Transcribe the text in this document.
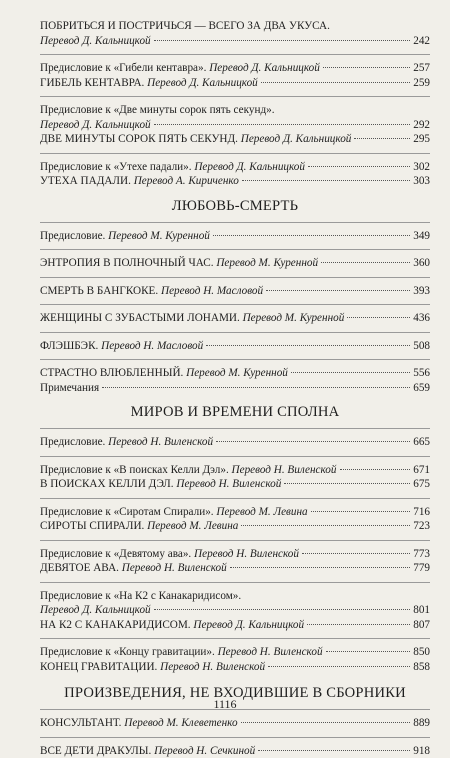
ПОБРИТЬСЯ И ПОСТРИЧЬСЯ — ВСЕГО ЗА ДВА УКУСА.
Перевод Д. Кальницкой	242
Предисловие к «Гибели кентавра». Перевод Д. Кальницкой	257
ГИБЕЛЬ КЕНТАВРА. Перевод Д. Кальницкой	259
Предисловие к «Две минуты сорок пять секунд».
Перевод Д. Кальницкой	292
ДВЕ МИНУТЫ СОРОК ПЯТЬ СЕКУНД. Перевод Д. Кальницкой	295
Предисловие к «Утехе падали». Перевод Д. Кальницкой	302
УТЕХА ПАДАЛИ. Перевод А. Кириченко	303
ЛЮБОВЬ-СМЕРТЬ
Предисловие. Перевод М. Куренной	349
ЭНТРОПИЯ В ПОЛНОЧНЫЙ ЧАС. Перевод М. Куренной	360
СМЕРТЬ В БАНГКОКЕ. Перевод Н. Масловой	393
ЖЕНЩИНЫ С ЗУБАСТЫМИ ЛОНАМИ. Перевод М. Куренной	436
ФЛЭШБЭК. Перевод Н. Масловой	508
СТРАСТНО ВЛЮБЛЕННЫЙ. Перевод М. Куренной	556
Примечания	659
МИРОВ И ВРЕМЕНИ СПОЛНА
Предисловие. Перевод Н. Виленской	665
Предисловие к «В поисках Келли Дэл». Перевод Н. Виленской	671
В ПОИСКАХ КЕЛЛИ ДЭЛ. Перевод Н. Виленской	675
Предисловие к «Сиротам Спирали». Перевод М. Левина	716
СИРОТЫ СПИРАЛИ. Перевод М. Левина	723
Предисловие к «Девятому ава». Перевод Н. Виленской	773
ДЕВЯТОЕ АВА. Перевод Н. Виленской	779
Предисловие к «На К2 с Канакаридисом».
Перевод Д. Кальницкой	801
НА К2 С КАНАКАРИДИСОМ. Перевод Д. Кальницкой	807
Предисловие к «Концу гравитации». Перевод Н. Виленской	850
КОНЕЦ ГРАВИТАЦИИ. Перевод Н. Виленской	858
ПРОИЗВЕДЕНИЯ, НЕ ВХОДИВШИЕ В СБОРНИКИ
КОНСУЛЬТАНТ. Перевод М. Клеветенко	889
ВСЕ ДЕТИ ДРАКУЛЫ. Перевод Н. Сечкиной	918
1116
